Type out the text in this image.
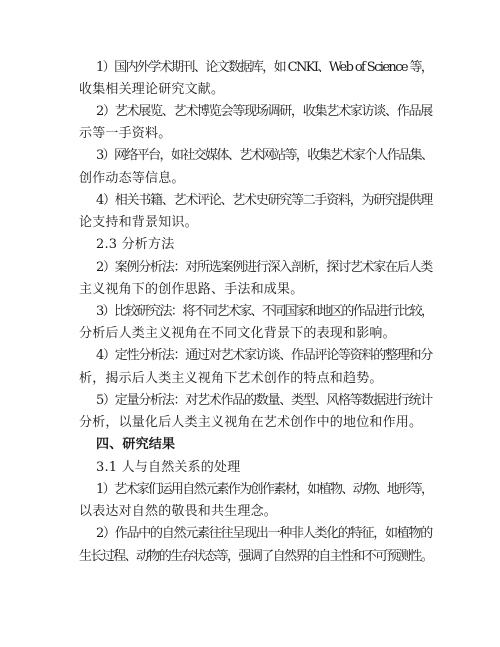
1）国内外学术期刊、论文数据库，如 CNKI、Web of Science 等，

收集相关理论研究文献。

2）艺术展览、艺术博览会等现场调研，收集艺术家访谈、作品展

示等一手资料。

3）网络平台，如社交媒体、艺术网站等，收集艺术家个人作品集、

创作动态等信息。

4）相关书籍、艺术评论、艺术史研究等二手资料，为研究提供理

论支持和背景知识。

2.3 分析方法

2）案例分析法：对所选案例进行深入剖析，探讨艺术家在后人类

主义视角下的创作思路、手法和成果。

3）比较研究法：将不同艺术家、不同国家和地区的作品进行比较，

分析后人类主义视角在不同文化背景下的表现和影响。

4）定性分析法：通过对艺术家访谈、作品评论等资料的整理和分

析，揭示后人类主义视角下艺术创作的特点和趋势。

5）定量分析法：对艺术作品的数量、类型、风格等数据进行统计

分析，以量化后人类主义视角在艺术创作中的地位和作用。

四、研究结果

3.1 人与自然关系的处理

1）艺术家们运用自然元素作为创作素材，如植物、动物、地形等，

以表达对自然的敬畏和共生理念。

2）作品中的自然元素往往呈现出一种非人类化的特征，如植物的

生长过程、动物的生存状态等，强调了自然界的自主性和不可预测性。
